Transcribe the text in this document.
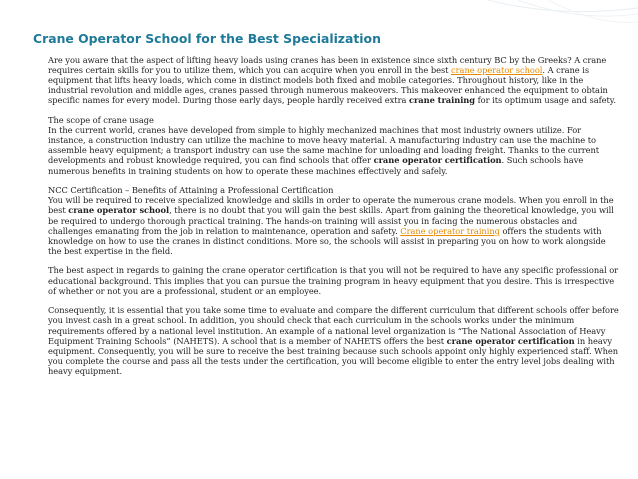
Crane Operator School for the Best Specialization

Are you aware that the aspect of lifting heavy loads using cranes has been in existence since sixth century BC by the Greeks? A crane requires certain skills for you to utilize them, which you can acquire when you enroll in the best crane operator school. A crane is equipment that lifts heavy loads, which come in distinct models both fixed and mobile categories. Throughout history, like in the industrial revolution and middle ages, cranes passed through numerous makeovers. This makeover enhanced the equipment to obtain specific names for every model. During those early days, people hardly received extra crane training for its optimum usage and safety.

The scope of crane usage
In the current world, cranes have developed from simple to highly mechanized machines that most industriy owners utilize. For instance, a construction industry can utilize the machine to move heavy material. A manufacturing industry can use the machine to assemble heavy equipment; a transport industry can use the same machine for unloading and loading freight. Thanks to the current developments and robust knowledge required, you can find schools that offer crane operator certification. Such schools have numerous benefits in training students on how to operate these machines effectively and safely.

NCC Certification – Benefits of Attaining a Professional Certification
You will be required to receive specialized knowledge and skills in order to operate the numerous crane models. When you enroll in the best crane operator school, there is no doubt that you will gain the best skills. Apart from gaining the theoretical knowledge, you will be required to undergo thorough practical training. The hands-on training will assist you in facing the numerous obstacles and challenges emanating from the job in relation to maintenance, operation and safety. Crane operator training offers the students with knowledge on how to use the cranes in distinct conditions. More so, the schools will assist in preparing you on how to work alongside the best expertise in the field.

The best aspect in regards to gaining the crane operator certification is that you will not be required to have any specific professional or educational background. This implies that you can pursue the training program in heavy equipment that you desire. This is irrespective of whether or not you are a professional, student or an employee.

Consequently, it is essential that you take some time to evaluate and compare the different curriculum that different schools offer before you invest cash in a great school. In addition, you should check that each curriculum in the schools works under the minimum requirements offered by a national level institution. An example of a national level organization is “The National Association of Heavy Equipment Training Schools” (NAHETS). A school that is a member of NAHETS offers the best crane operator certification in heavy equipment. Consequently, you will be sure to receive the best training because such schools appoint only highly experienced staff. When you complete the course and pass all the tests under the certification, you will become eligible to enter the entry level jobs dealing with heavy equipment.
